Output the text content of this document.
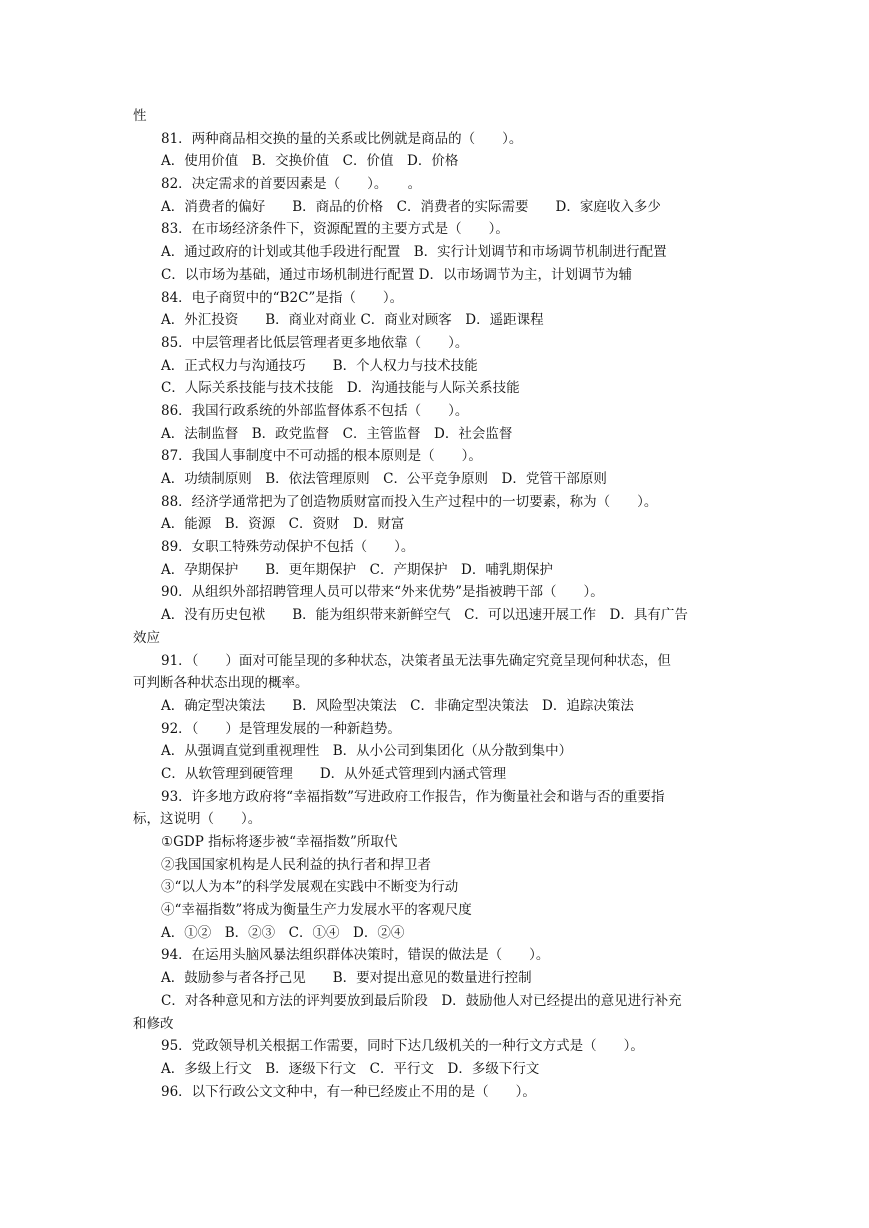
性
81．两种商品相交换的量的关系或比例就是商品的（　　）。
A．使用价值　B．交换价值　C．价值　D．价格
82．决定需求的首要因素是（　　）。　　。
A．消费者的偏好　　B．商品的价格　C．消费者的实际需要　　D．家庭收入多少
83．在市场经济条件下，资源配置的主要方式是（　　）。
A．通过政府的计划或其他手段进行配置　B．实行计划调节和市场调节机制进行配置
C．以市场为基础，通过市场机制进行配置 D．以市场调节为主，计划调节为辅
84．电子商贸中的“B2C”是指（　　）。
A．外汇投资　　B．商业对商业 C．商业对顾客　D．遥距课程
85．中层管理者比低层管理者更多地依靠（　　）。
A．正式权力与沟通技巧　　B．个人权力与技术技能
C．人际关系技能与技术技能　D．沟通技能与人际关系技能
86．我国行政系统的外部监督体系不包括（　　）。
A．法制监督　B．政党监督　C．主管监督　D．社会监督
87．我国人事制度中不可动摇的根本原则是（　　）。
A．功绩制原则　B．依法管理原则　C．公平竞争原则　D．党管干部原则
88．经济学通常把为了创造物质财富而投入生产过程中的一切要素，称为（　　）。
A．能源　B．资源　C．资财　D．财富
89．女职工特殊劳动保护不包括（　　）。
A．孕期保护　　B．更年期保护　C．产期保护　D．哺乳期保护
90．从组织外部招聘管理人员可以带来“外来优势”是指被聘干部（　　）。
A．没有历史包袱　　B．能为组织带来新鲜空气　C．可以迅速开展工作　D．具有广告
效应
91．（　　）面对可能呈现的多种状态，决策者虽无法事先确定究竟呈现何种状态，但
可判断各种状态出现的概率。
A．确定型决策法　　B．风险型决策法　C．非确定型决策法　D．追踪决策法
92．（　　）是管理发展的一种新趋势。
A．从强调直觉到重视理性　B．从小公司到集团化（从分散到集中）
C．从软管理到硬管理　　D．从外延式管理到内涵式管理
93．许多地方政府将“幸福指数”写进政府工作报告，作为衡量社会和谐与否的重要指
标，这说明（　　）。
①GDP 指标将逐步被“幸福指数”所取代
②我国国家机构是人民利益的执行者和捍卫者
③“以人为本”的科学发展观在实践中不断变为行动
④“幸福指数”将成为衡量生产力发展水平的客观尺度
A．①②　B．②③　C．①④　D．②④
94．在运用头脑风暴法组织群体决策时，错误的做法是（　　）。
A．鼓励参与者各抒己见　　B．要对提出意见的数量进行控制
C．对各种意见和方法的评判要放到最后阶段　D．鼓励他人对已经提出的意见进行补充
和修改
95．党政领导机关根据工作需要，同时下达几级机关的一种行文方式是（　　）。
A．多级上行文　B．逐级下行文　C．平行文　D．多级下行文
96．以下行政公文文种中，有一种已经废止不用的是（　　）。
